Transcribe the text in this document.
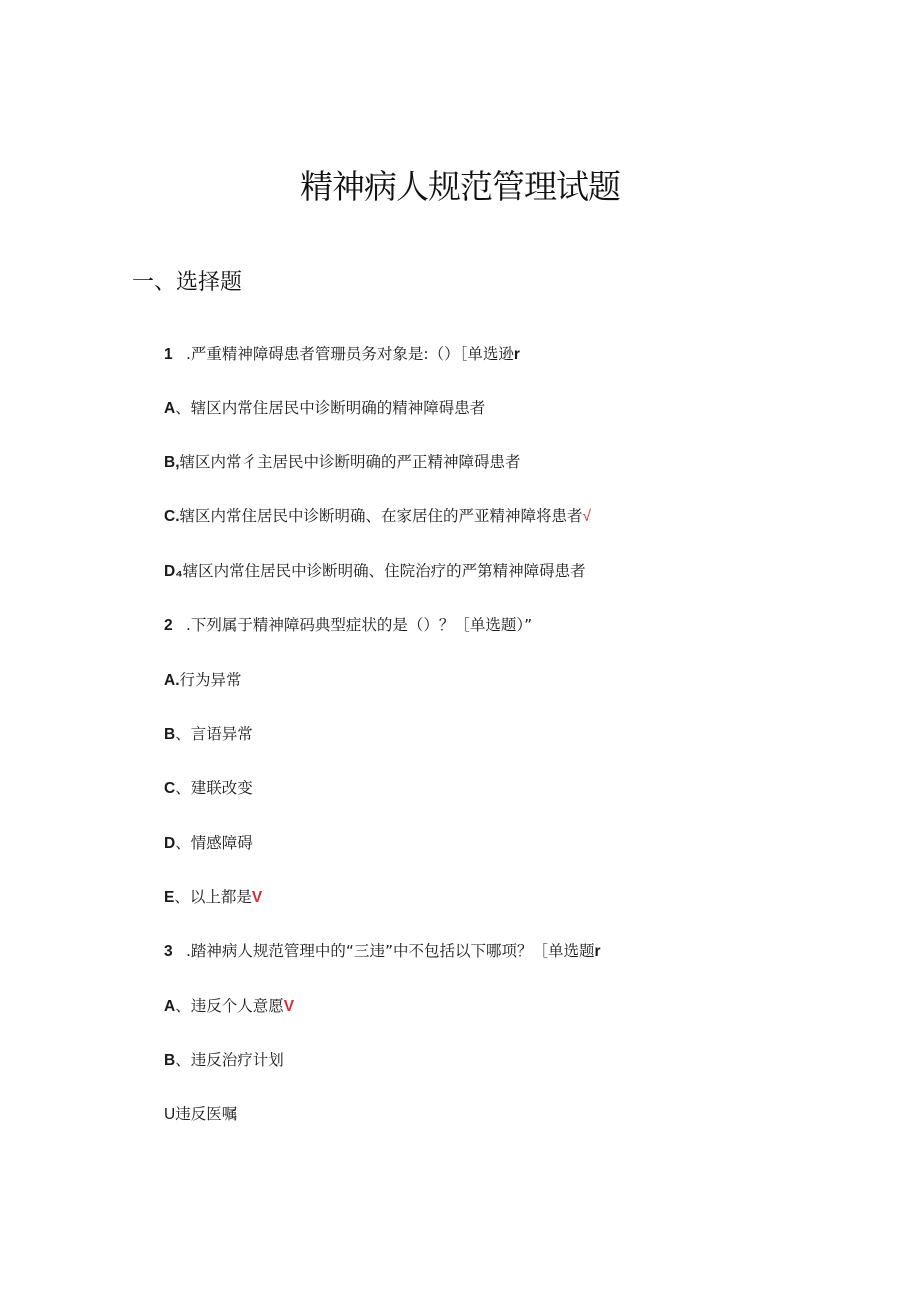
精神病人规范管理试题
一、选择题
1 .严重精神障碍患者管珊员务对象是:（）［单选逊r
A、辖区内常住居民中诊断明确的精神障碍患者
B,辖区内常彳主居民中诊断明确的严正精神障碍患者
C.辖区内常住居民中诊断明确、在家居住的严亚精神障将患者√
D₄辖区内常住居民中诊断明确、住院治疗的严第精神障碍患者
2 .下列属于精神障码典型症状的是（）？［单选题）”
A.行为异常
B、言语异常
C、建联改变
D、情感障碍
E、以上都是V
3 .踏神病人规范管理中的“三违”中不包括以下哪项？［单选题r
A、违反个人意愿V
B、违反治疗计划
U违反医嘱
